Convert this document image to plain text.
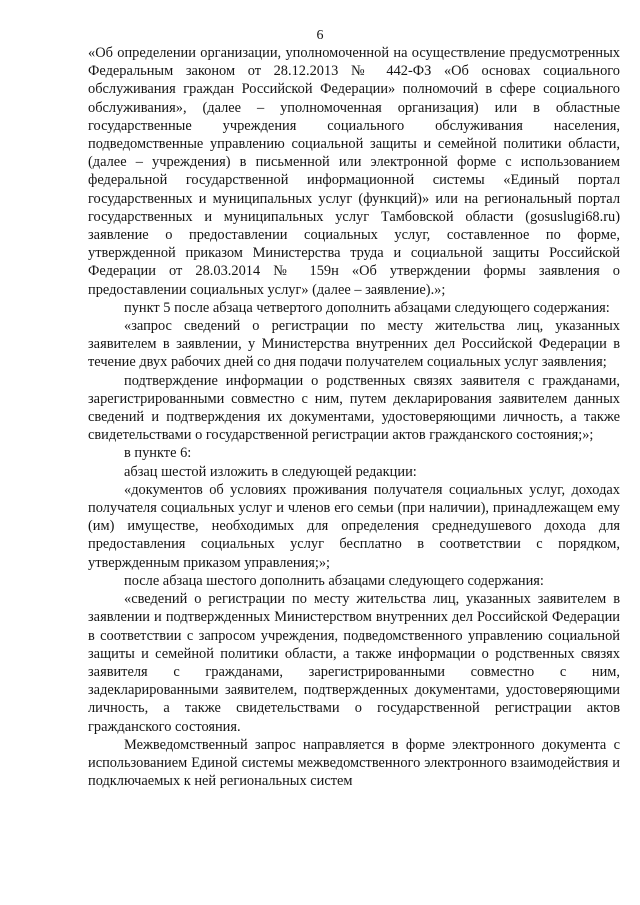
6

«Об определении организации, уполномоченной на осуществление предусмотренных Федеральным законом от 28.12.2013 № 442-ФЗ «Об основах социального обслуживания граждан Российской Федерации» полномочий в сфере социального обслуживания», (далее – уполномоченная организация) или в областные государственные учреждения социального обслуживания населения, подведомственные управлению социальной защиты и семейной политики области, (далее – учреждения) в письменной или электронной форме с использованием федеральной государственной информационной системы «Единый портал государственных и муниципальных услуг (функций)» или на региональный портал государственных и муниципальных услуг Тамбовской области (gosuslugi68.ru) заявление о предоставлении социальных услуг, составленное по форме, утвержденной приказом Министерства труда и социальной защиты Российской Федерации от 28.03.2014 № 159н «Об утверждении формы заявления о предоставлении социальных услуг» (далее – заявление).»;

пункт 5 после абзаца четвертого дополнить абзацами следующего содержания:

«запрос сведений о регистрации по месту жительства лиц, указанных заявителем в заявлении, у Министерства внутренних дел Российской Федерации в течение двух рабочих дней со дня подачи получателем социальных услуг заявления;

подтверждение информации о родственных связях заявителя с гражданами, зарегистрированными совместно с ним, путем декларирования заявителем данных сведений и подтверждения их документами, удостоверяющими личность, а также свидетельствами о государственной регистрации актов гражданского состояния;»;

в пункте 6:

абзац шестой изложить в следующей редакции:

«документов об условиях проживания получателя социальных услуг, доходах получателя социальных услуг и членов его семьи (при наличии), принадлежащем ему (им) имуществе, необходимых для определения среднедушевого дохода для предоставления социальных услуг бесплатно в соответствии с порядком, утвержденным приказом управления;»;

после абзаца шестого дополнить абзацами следующего содержания:

«сведений о регистрации по месту жительства лиц, указанных заявителем в заявлении и подтвержденных Министерством внутренних дел Российской Федерации в соответствии с запросом учреждения, подведомственного управлению социальной защиты и семейной политики области, а также информации о родственных связях заявителя с гражданами, зарегистрированными совместно с ним, задекларированными заявителем, подтвержденных документами, удостоверяющими личность, а также свидетельствами о государственной регистрации актов гражданского состояния.

Межведомственный запрос направляется в форме электронного документа с использованием Единой системы межведомственного электронного взаимодействия и подключаемых к ней региональных систем
